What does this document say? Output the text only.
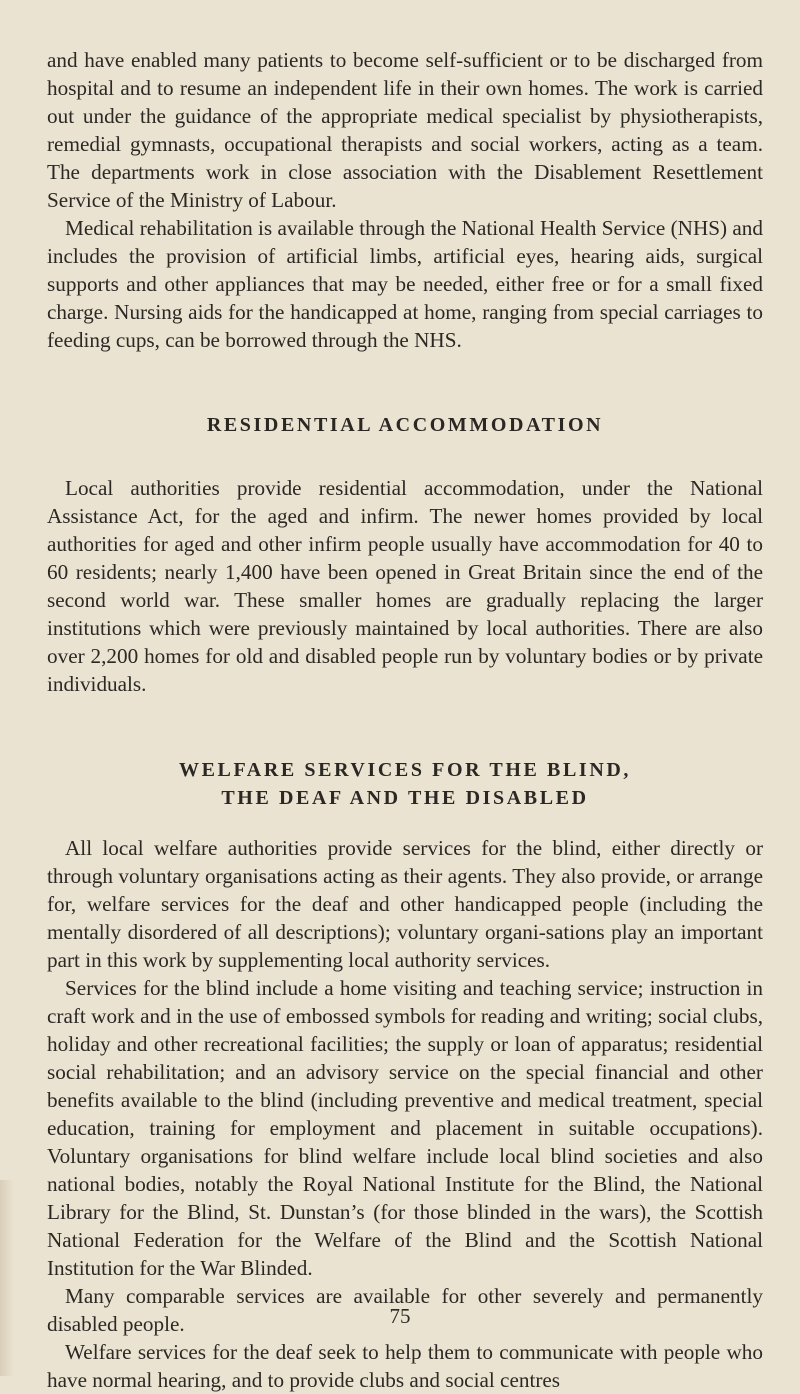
and have enabled many patients to become self-sufficient or to be discharged from hospital and to resume an independent life in their own homes. The work is carried out under the guidance of the appropriate medical specialist by physiotherapists, remedial gymnasts, occupational therapists and social workers, acting as a team. The departments work in close association with the Disablement Resettlement Service of the Ministry of Labour.

Medical rehabilitation is available through the National Health Service (NHS) and includes the provision of artificial limbs, artificial eyes, hearing aids, surgical supports and other appliances that may be needed, either free or for a small fixed charge. Nursing aids for the handicapped at home, ranging from special carriages to feeding cups, can be borrowed through the NHS.

RESIDENTIAL ACCOMMODATION

Local authorities provide residential accommodation, under the National Assistance Act, for the aged and infirm. The newer homes provided by local authorities for aged and other infirm people usually have accommodation for 40 to 60 residents; nearly 1,400 have been opened in Great Britain since the end of the second world war. These smaller homes are gradually replacing the larger institutions which were previously maintained by local authorities. There are also over 2,200 homes for old and disabled people run by voluntary bodies or by private individuals.

WELFARE SERVICES FOR THE BLIND,
THE DEAF AND THE DISABLED

All local welfare authorities provide services for the blind, either directly or through voluntary organisations acting as their agents. They also provide, or arrange for, welfare services for the deaf and other handicapped people (including the mentally disordered of all descriptions); voluntary organi-sations play an important part in this work by supplementing local authority services.

Services for the blind include a home visiting and teaching service; instruction in craft work and in the use of embossed symbols for reading and writing; social clubs, holiday and other recreational facilities; the supply or loan of apparatus; residential social rehabilitation; and an advisory service on the special financial and other benefits available to the blind (including preventive and medical treatment, special education, training for employment and placement in suitable occupations). Voluntary organisations for blind welfare include local blind societies and also national bodies, notably the Royal National Institute for the Blind, the National Library for the Blind, St. Dunstan’s (for those blinded in the wars), the Scottish National Federation for the Welfare of the Blind and the Scottish National Institution for the War Blinded.

Many comparable services are available for other severely and permanently disabled people.

Welfare services for the deaf seek to help them to communicate with people who have normal hearing, and to provide clubs and social centres

75
